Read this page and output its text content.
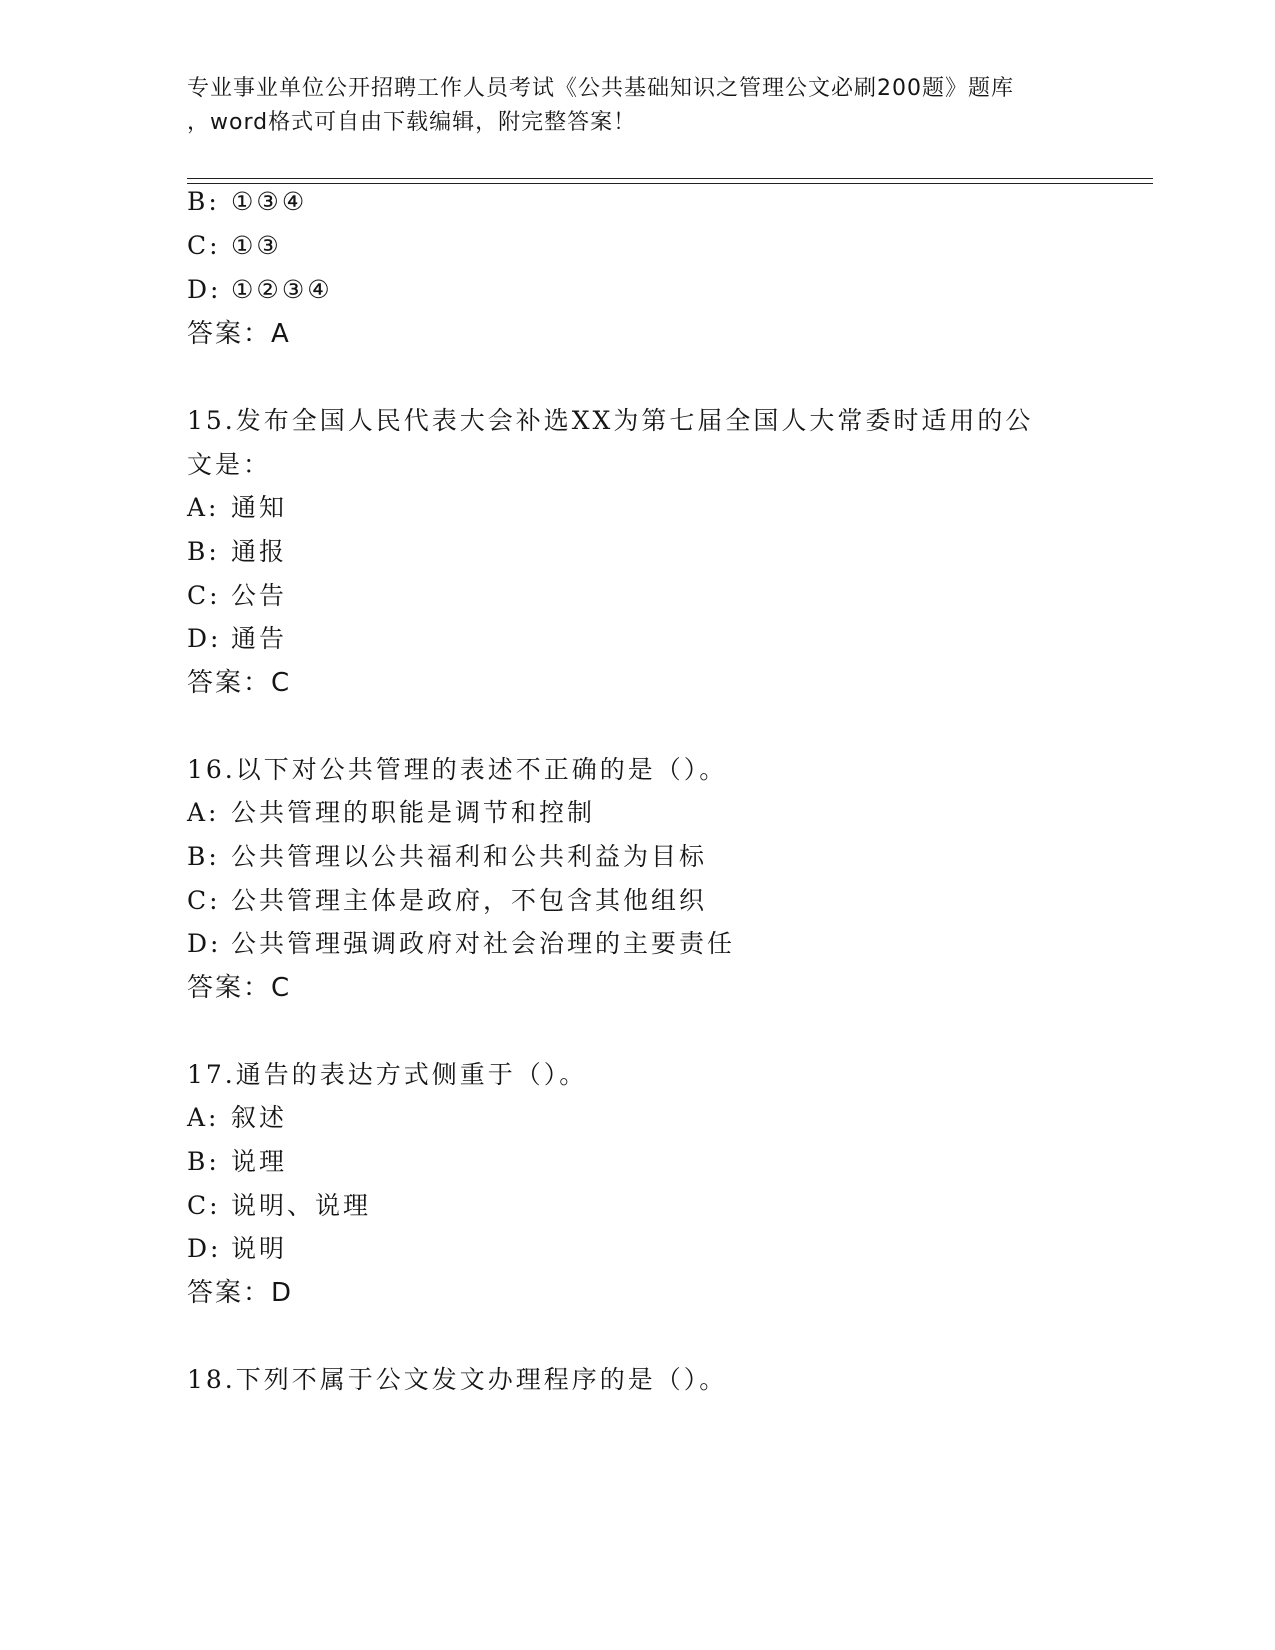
专业事业单位公开招聘工作人员考试《公共基础知识之管理公文必刷200题》题库
，word格式可自由下载编辑，附完整答案！
B: ①③④
C: ①③
D: ①②③④
答案：A
15.发布全国人民代表大会补选XX为第七届全国人大常委时适用的公
文是：
A: 通知
B: 通报
C: 公告
D: 通告
答案：C
16.以下对公共管理的表述不正确的是（）。
A: 公共管理的职能是调节和控制
B: 公共管理以公共福利和公共利益为目标
C: 公共管理主体是政府，不包含其他组织
D: 公共管理强调政府对社会治理的主要责任
答案：C
17.通告的表达方式侧重于（）。
A: 叙述
B: 说理
C: 说明、说理
D: 说明
答案：D
18.下列不属于公文发文办理程序的是（）。
